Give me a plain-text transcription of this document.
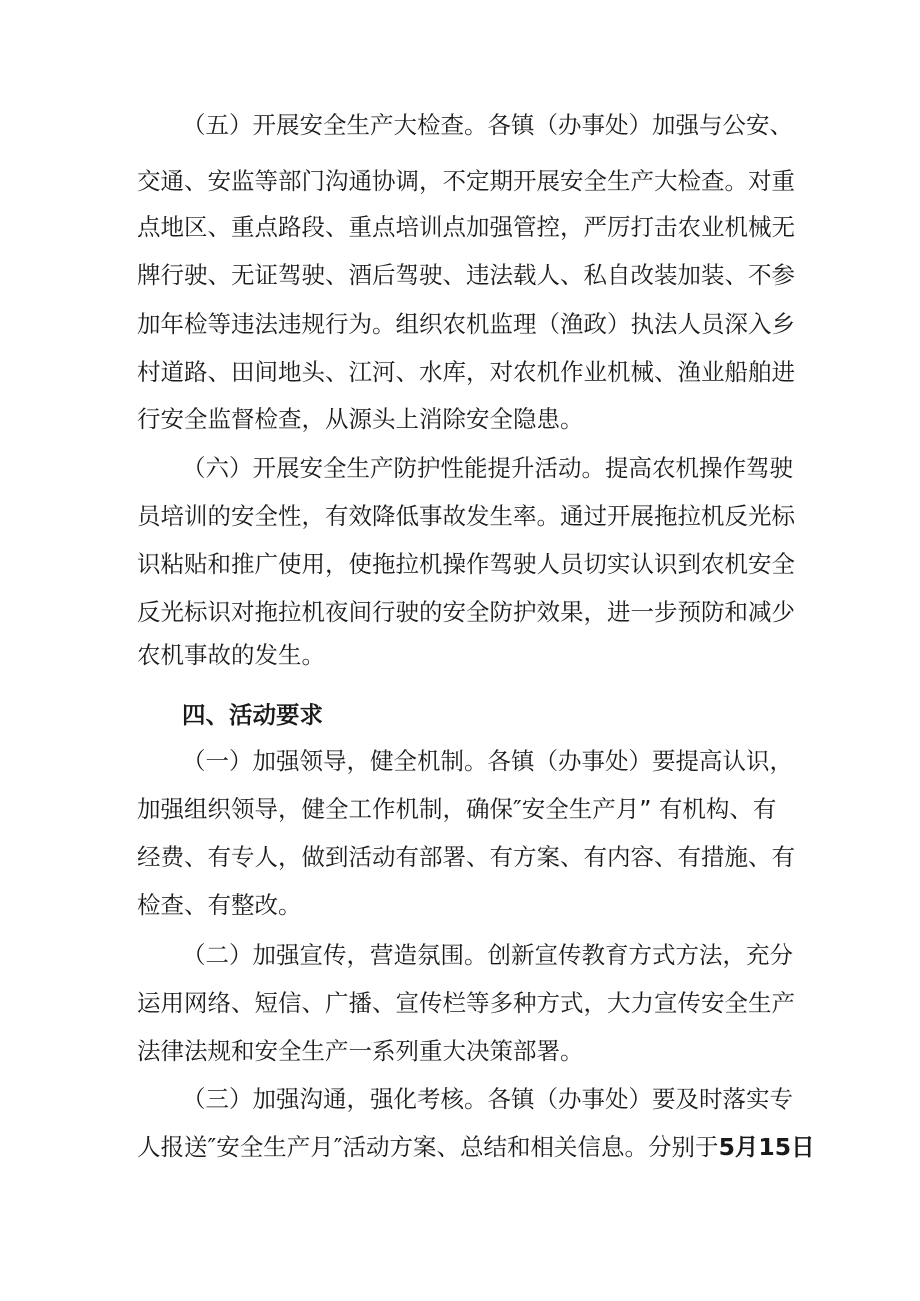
（五）开展安全生产大检查。各镇（办事处）加强与公安、
交通、安监等部门沟通协调，不定期开展安全生产大检查。对重
点地区、重点路段、重点培训点加强管控，严厉打击农业机械无
牌行驶、无证驾驶、酒后驾驶、违法载人、私自改装加装、不参
加年检等违法违规行为。组织农机监理（渔政）执法人员深入乡
村道路、田间地头、江河、水库，对农机作业机械、渔业船舶进
行安全监督检查，从源头上消除安全隐患。
（六）开展安全生产防护性能提升活动。提高农机操作驾驶
员培训的安全性，有效降低事故发生率。通过开展拖拉机反光标
识粘贴和推广使用，使拖拉机操作驾驶人员切实认识到农机安全
反光标识对拖拉机夜间行驶的安全防护效果，进一步预防和减少
农机事故的发生。
四、活动要求
（一）加强领导，健全机制。各镇（办事处）要提高认识，
加强组织领导，健全工作机制，确保″安全生产月” 有机构、有
经费、有专人，做到活动有部署、有方案、有内容、有措施、有
检查、有整改。
（二）加强宣传，营造氛围。创新宣传教育方式方法，充分
运用网络、短信、广播、宣传栏等多种方式，大力宣传安全生产
法律法规和安全生产一系列重大决策部署。
（三）加强沟通，强化考核。各镇（办事处）要及时落实专
人报送″安全生产月″活动方案、总结和相关信息。分别于5月15日
